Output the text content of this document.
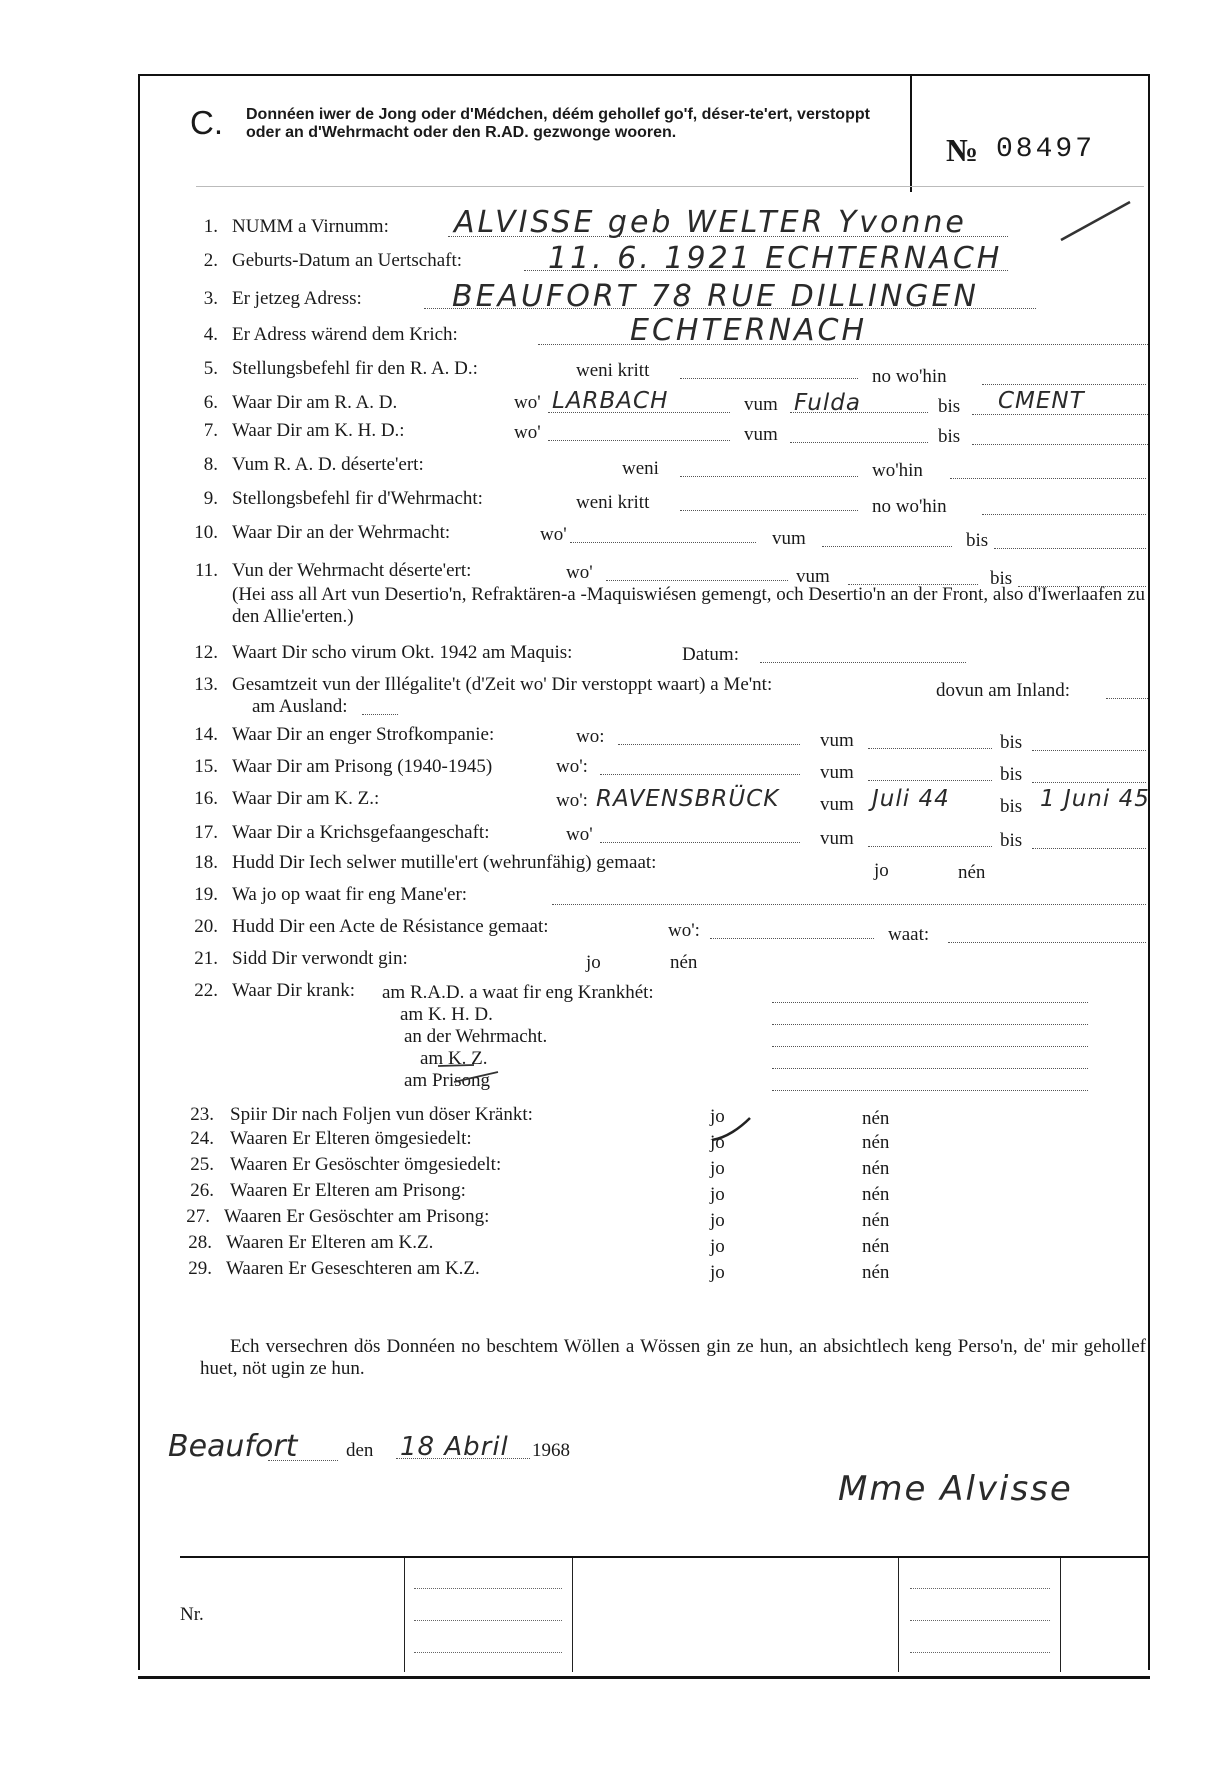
C. Donnéen iwer de Jong oder d'Médchen, déém gehollef go'f, déser-te'ert, verstoppt oder an d'Wehrmacht oder den R.AD. gezwonge wooren.	№ 08497
1. NUMM a Virnumm: ALVISSE geb WELTER Yvonne
2. Geburts-Datum an Uertschaft:	11. 6. 1921 ECHTERNACH
3. Er jetzeg Adress:	BEAUFORT 78 RUE DILLINGEN
4. Er Adress wärend dem Krich:	ECHTERNACH
5. Stellungsbefehl fir den R. A. D.:	weni kritt	no wo'hin
6. Waar Dir am R. A. D.	wo' LARBACH	vum Fulda	bis CMENT
7. Waar Dir am K. H. D.:	wo'	vum	bis
8. Vum R. A. D. déserte'ert:	weni	wo'hin
9. Stellongsbefehl fir d'Wehrmacht:	weni kritt	no wo'hin
10. Waar Dir an der Wehrmacht:	wo'	vum	bis
11. Vun der Wehrmacht déserte'ert:	wo'	vum	bis
(Hei ass all Art vun Desertio'n, Refraktären-a -Maquiswiésen gemengt, och Desertio'n an der Front, also d'Iwerlaafen zu den Allie'erten.)
12. Waart Dir scho virum Okt. 1942 am Maquis:	Datum:
13. Gesamtzeit vun der Illégalite't (d'Zeit wo' Dir verstoppt waart) a Me'nt:	dovun am Inland:
am Ausland:
14. Waar Dir an enger Strofkompanie:	wo:	vum	bis
15. Waar Dir am Prisong (1940-1945)	wo':	vum	bis
16. Waar Dir am K. Z.:	wo': RAVENSBRÜCK vum Juli 44	bis 1 Juni 45
17. Waar Dir a Krichsgefaangeschaft:	wo'	vum	bis
18. Hudd Dir Iech selwer mutille'ert (wehrunfähig) gemaat:	jo	nén
19. Wa jo op waat fir eng Mane'er:
20. Hudd Dir een Acte de Résistance gemaat:	wo':	waat:
21. Sidd Dir verwondt gin:	jo	nén
22. Waar Dir krank: am R.A.D. a waat fir eng Krankhét:
am K. H. D.
an der Wehrmacht.
am K. Z.
am Prisong
23. Spiir Dir nach Foljen vun döser Kränkt:	jo	nén
24. Waaren Er Elteren ömgesiedelt:	jo	nén
25. Waaren Er Gesöschter ömgesiedelt:	jo	nén
26. Waaren Er Elteren am Prisong:	jo	nén
27. Waaren Er Gesöschter am Prisong:	jo	nén
28. Waaren Er Elteren am K.Z.	jo	nén
29. Waaren Er Geseschteren am K.Z.	jo	nén
Ech versechren dös Donnéen no beschtem Wöllen a Wössen gin ze hun, an absichtlech keng Perso'n, de' mir gehollef huet, nöt ugin ze hun.
Beaufort	den 18 Abril 1968
Mme Alvisse
Nr.
